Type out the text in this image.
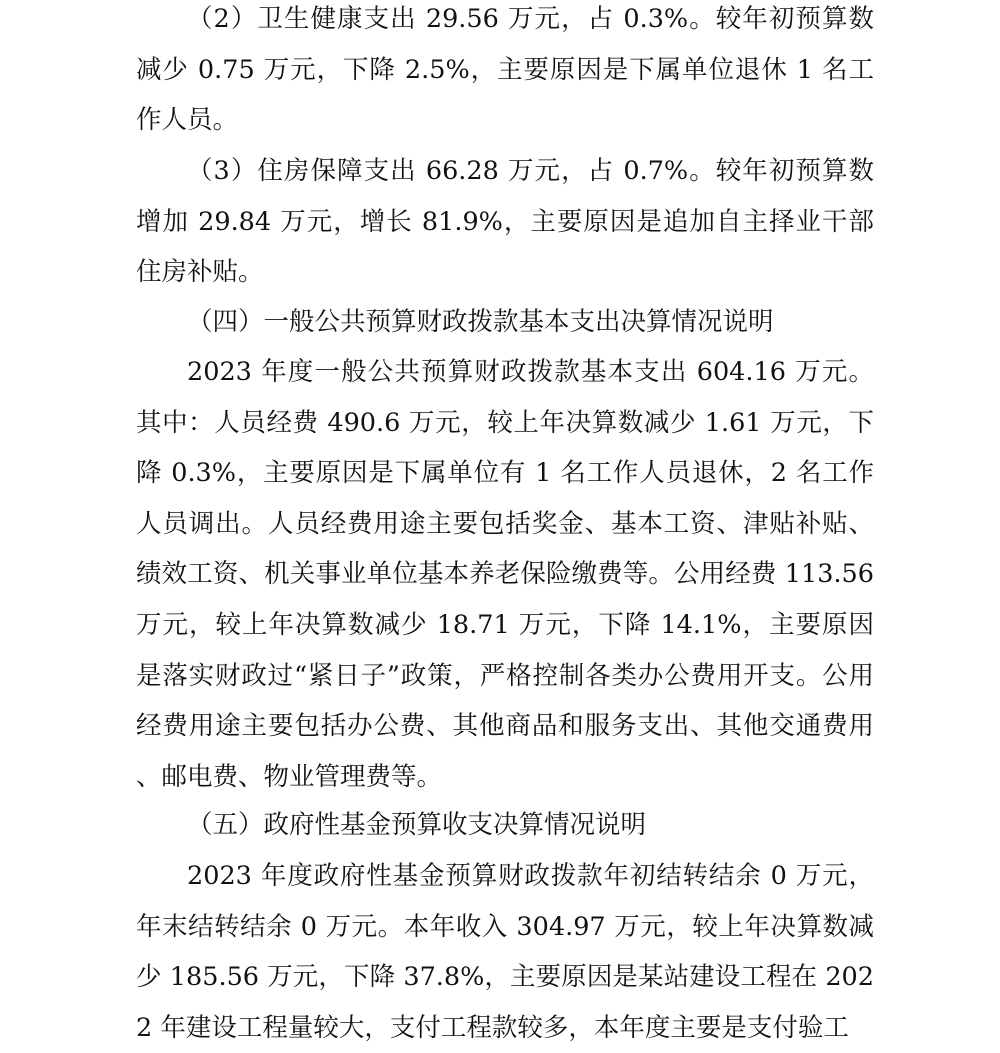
（2）卫生健康支出 29.56 万元，占 0.3%。较年初预算数减少 0.75 万元，下降 2.5%，主要原因是下属单位退休 1 名工作人员。

（3）住房保障支出 66.28 万元，占 0.7%。较年初预算数增加 29.84 万元，增长 81.9%，主要原因是追加自主择业干部住房补贴。

（四）一般公共预算财政拨款基本支出决算情况说明

2023 年度一般公共预算财政拨款基本支出 604.16 万元。其中：人员经费 490.6 万元，较上年决算数减少 1.61 万元，下降 0.3%，主要原因是下属单位有 1 名工作人员退休，2 名工作人员调出。人员经费用途主要包括奖金、基本工资、津贴补贴、绩效工资、机关事业单位基本养老保险缴费等。公用经费 113.56 万元，较上年决算数减少 18.71 万元，下降 14.1%，主要原因是落实财政过“紧日子”政策，严格控制各类办公费用开支。公用经费用途主要包括办公费、其他商品和服务支出、其他交通费用、邮电费、物业管理费等。

（五）政府性基金预算收支决算情况说明

2023 年度政府性基金预算财政拨款年初结转结余 0 万元，年末结转结余 0 万元。本年收入 304.97 万元，较上年决算数减少 185.56 万元，下降 37.8%，主要原因是某站建设工程在 2022 年建设工程量较大，支付工程款较多，本年度主要是支付验工
